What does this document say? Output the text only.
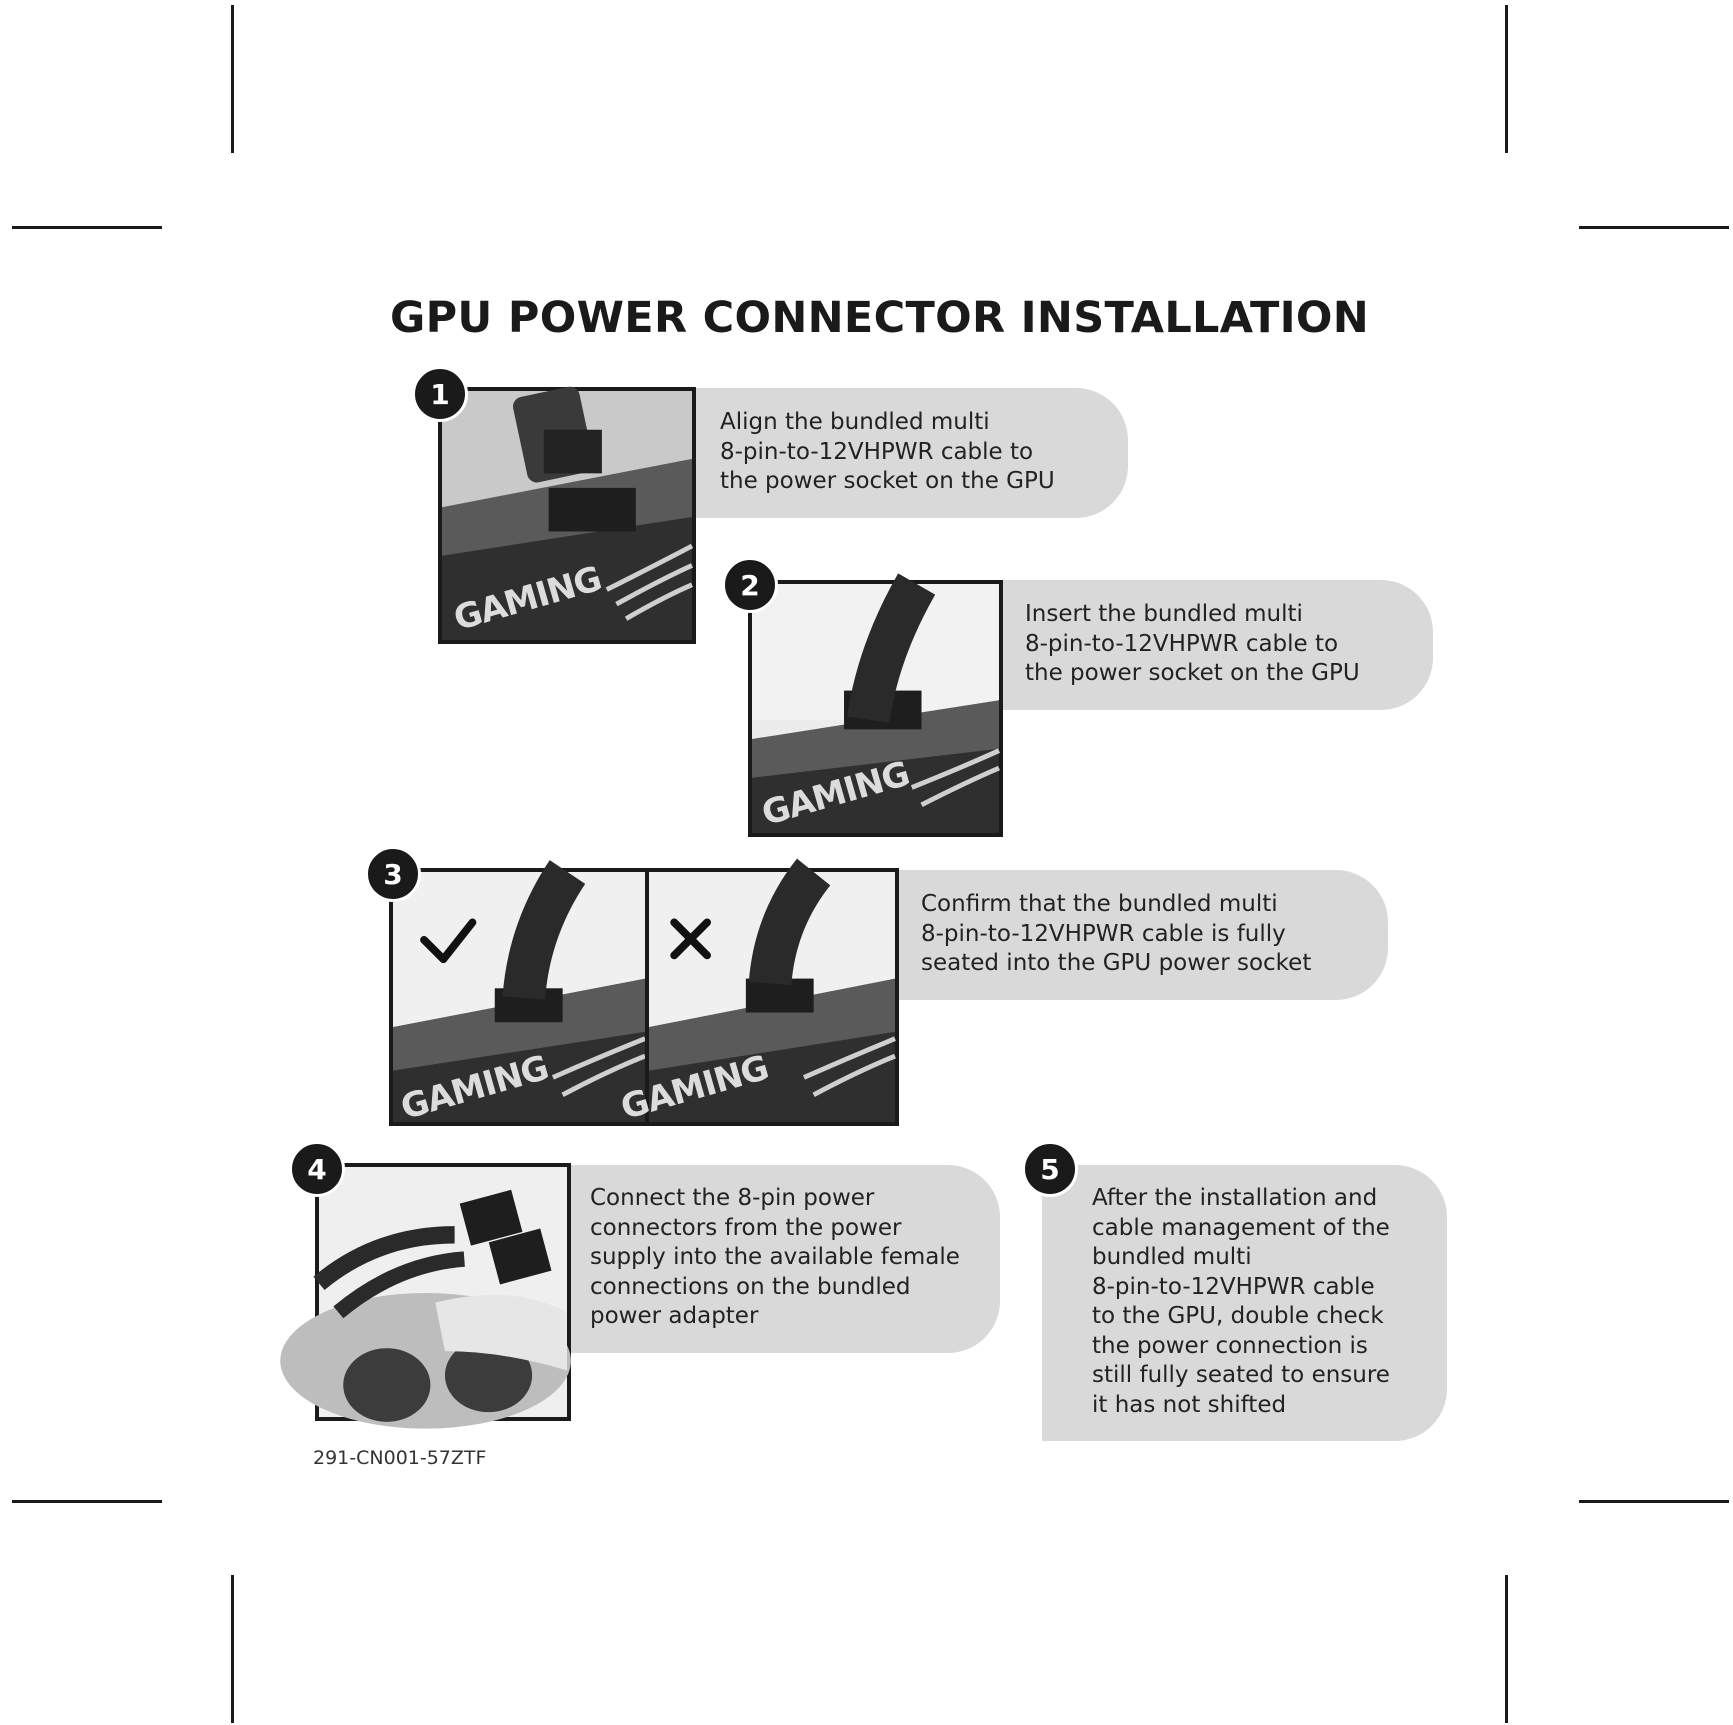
GPU POWER CONNECTOR INSTALLATION
Align the bundled multi
8-pin-to-12VHPWR cable to
the power socket on the GPU
GAMING
1
Insert the bundled multi
8-pin-to-12VHPWR cable to
the power socket on the GPU
GAMING
2
Confirm that the bundled multi
8-pin-to-12VHPWR cable is fully
seated into the GPU power socket
GAMING GAMING
3
Connect the 8-pin power
connectors from the power
supply into the available female
connections on the bundled
power adapter
4
After the installation and
cable management of the
bundled multi
8-pin-to-12VHPWR cable
to the GPU, double check
the power connection is
still fully seated to ensure
it has not shifted
5
291-CN001-57ZTF
